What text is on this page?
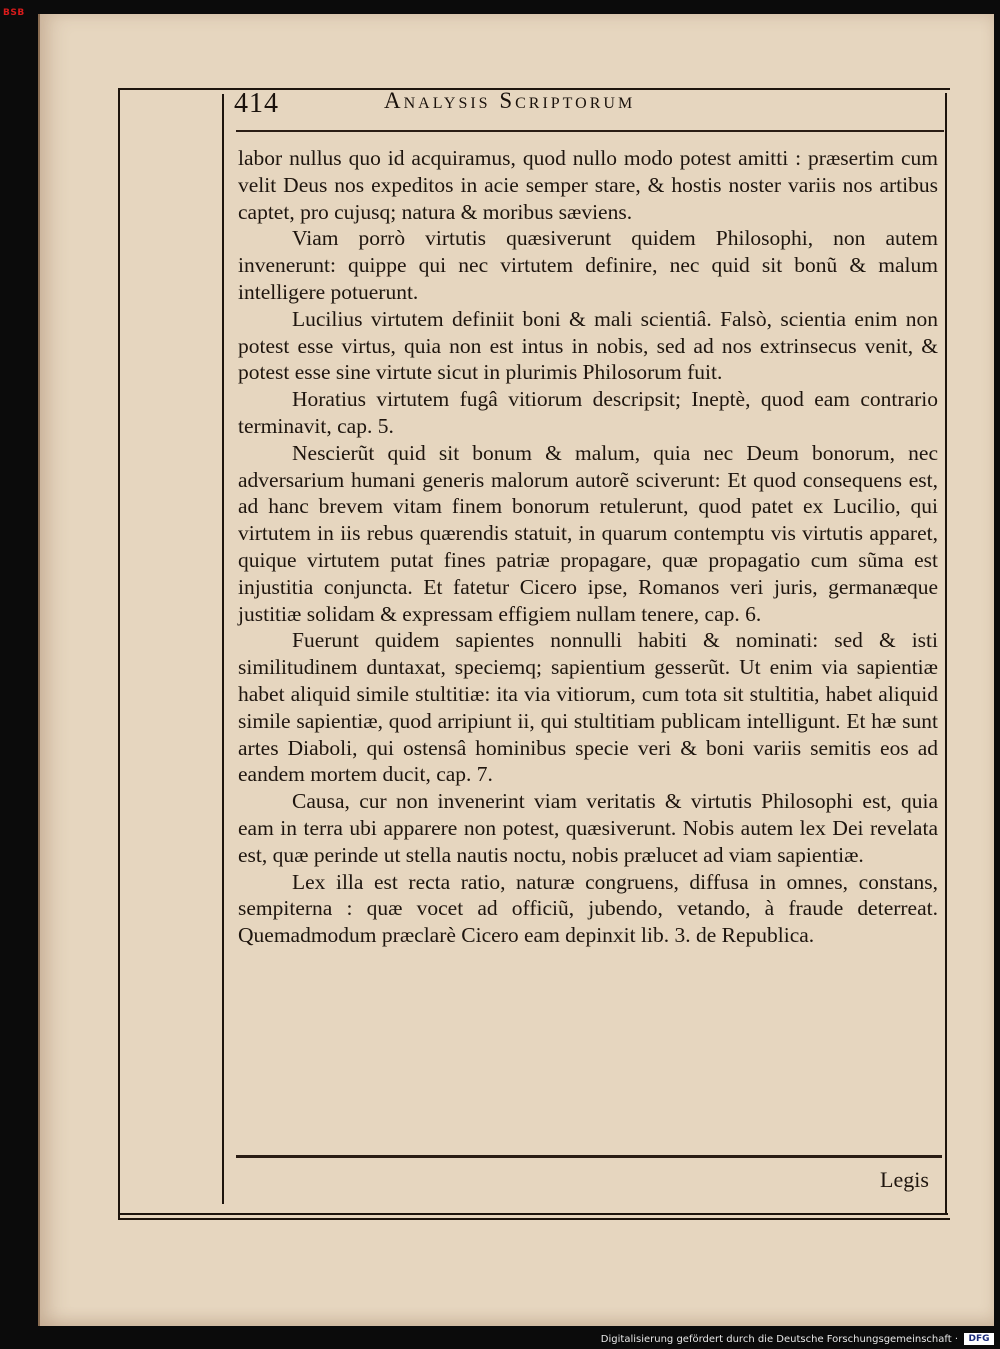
BSB
414	Analysis Scriptorum

labor nullus quo id acquiramus, quod nullo modo potest amitti : præsertim cum velit Deus nos expeditos in acie semper stare, & hostis noster variis nos artibus captet, pro cujusq; natura & moribus sæviens.

Viam porrò virtutis quæsiverunt quidem Philosophi, non autem invenerunt: quippe qui nec virtutem definire, nec quid sit bonũ & malum intelligere potuerunt.

Lucilius virtutem definiit boni & mali scientiâ. Falsò, scientia enim non potest esse virtus, quia non est intus in nobis, sed ad nos extrinsecus venit, & potest esse sine virtute sicut in plurimis Philosorum fuit.

Horatius virtutem fugâ vitiorum descripsit; Ineptè, quod eam contrario terminavit, cap. 5.

Nescierũt quid sit bonum & malum, quia nec Deum bonorum, nec adversarium humani generis malorum autorẽ sciverunt: Et quod consequens est, ad hanc brevem vitam finem bonorum retulerunt, quod patet ex Lucilio, qui virtutem in iis rebus quærendis statuit, in quarum contemptu vis virtutis apparet, quique virtutem putat fines patriæ propagare, quæ propagatio cum sũma est injustitia conjuncta. Et fatetur Cicero ipse, Romanos veri juris, germanæque justitiæ solidam & expressam effigiem nullam tenere, cap. 6.

Fuerunt quidem sapientes nonnulli habiti & nominati: sed & isti similitudinem duntaxat, speciemq; sapientium gesserũt. Ut enim via sapientiæ habet aliquid simile stultitiæ: ita via vitiorum, cum tota sit stultitia, habet aliquid simile sapientiæ, quod arripiunt ii, qui stultitiam publicam intelligunt. Et hæ sunt artes Diaboli, qui ostensâ hominibus specie veri & boni variis semitis eos ad eandem mortem ducit, cap. 7.

Causa, cur non invenerint viam veritatis & virtutis Philosophi est, quia eam in terra ubi apparere non potest, quæsiverunt. Nobis autem lex Dei revelata est, quæ perinde ut stella nautis noctu, nobis prælucet ad viam sapientiæ.

Lex illa est recta ratio, naturæ congruens, diffusa in omnes, constans, sempiterna : quæ vocet ad officiũ, jubendo, vetando, à fraude deterreat. Quemadmodum præclarè Cicero eam depinxit lib. 3. de Republica.

Legis
Digitalisierung gefördert durch die Deutsche Forschungsgemeinschaft ·	DFG
